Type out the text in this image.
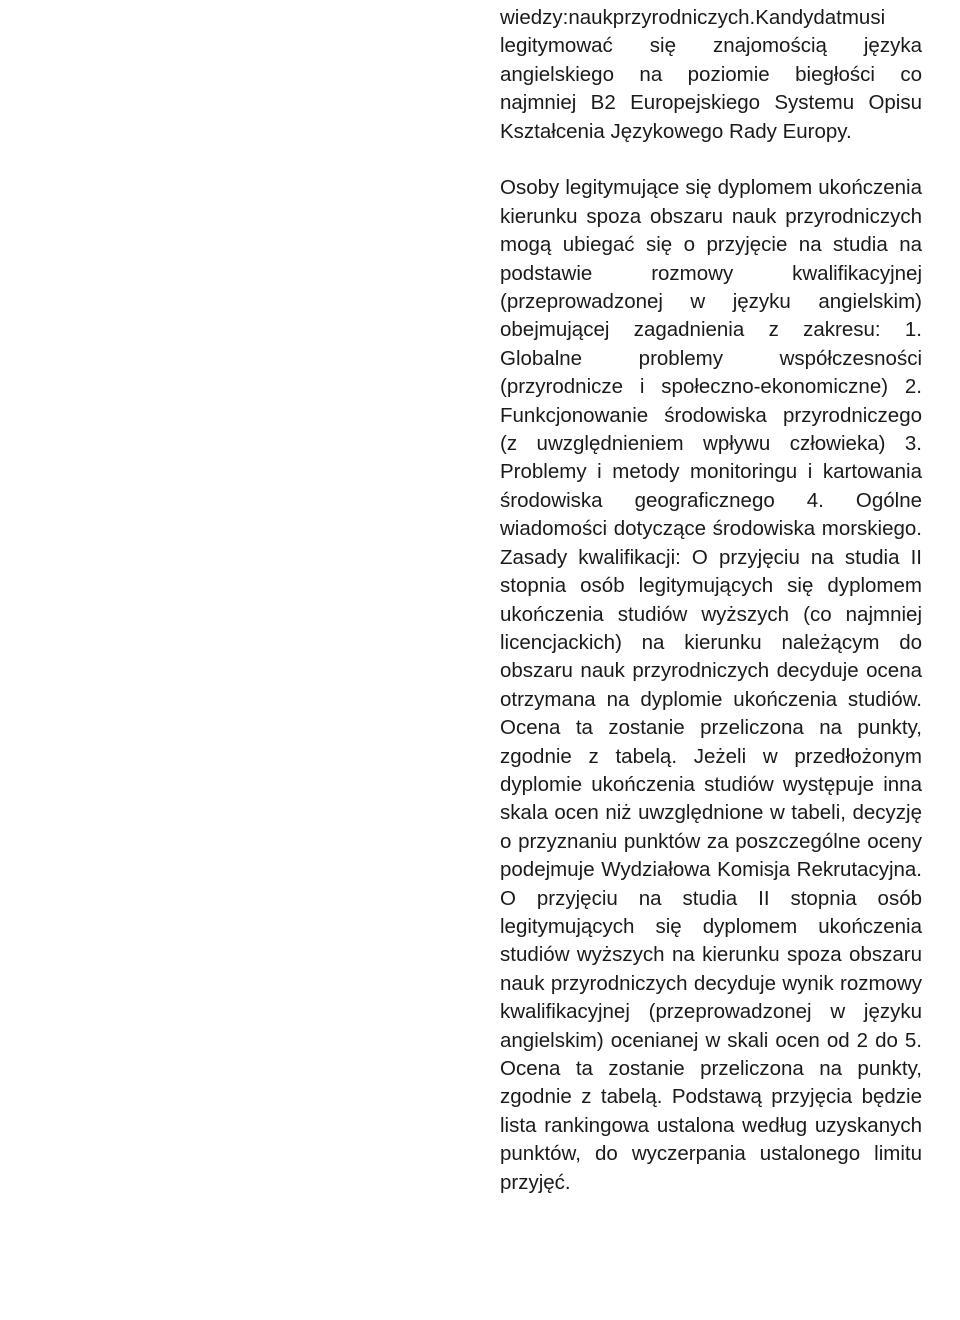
wiedzy:naukprzyrodniczych.Kandydatmusi legitymować się znajomością języka angielskiego na poziomie biegłości co najmniej B2 Europejskiego Systemu Opisu Kształcenia Językowego Rady Europy.

Osoby legitymujące się dyplomem ukończenia kierunku spoza obszaru nauk przyrodniczych mogą ubiegać się o przyjęcie na studia na podstawie rozmowy kwalifikacyjnej (przeprowadzonej w języku angielskim) obejmującej zagadnienia z zakresu: 1. Globalne problemy współczesności (przyrodnicze i społeczno-ekonomiczne) 2. Funkcjonowanie środowiska przyrodniczego (z uwzględnieniem wpływu człowieka) 3. Problemy i metody monitoringu i kartowania środowiska geograficznego 4. Ogólne wiadomości dotyczące środowiska morskiego. Zasady kwalifikacji: O przyjęciu na studia II stopnia osób legitymujących się dyplomem ukończenia studiów wyższych (co najmniej licencjackich) na kierunku należącym do obszaru nauk przyrodniczych decyduje ocena otrzymana na dyplomie ukończenia studiów. Ocena ta zostanie przeliczona na punkty, zgodnie z tabelą. Jeżeli w przedłożonym dyplomie ukończenia studiów występuje inna skala ocen niż uwzględnione w tabeli, decyzję o przyznaniu punktów za poszczególne oceny podejmuje Wydziałowa Komisja Rekrutacyjna. O przyjęciu na studia II stopnia osób legitymujących się dyplomem ukończenia studiów wyższych na kierunku spoza obszaru nauk przyrodniczych decyduje wynik rozmowy kwalifikacyjnej (przeprowadzonej w języku angielskim) ocenianej w skali ocen od 2 do 5. Ocena ta zostanie przeliczona na punkty, zgodnie z tabelą. Podstawą przyjęcia będzie lista rankingowa ustalona według uzyskanych punktów, do wyczerpania ustalonego limitu przyjęć.
